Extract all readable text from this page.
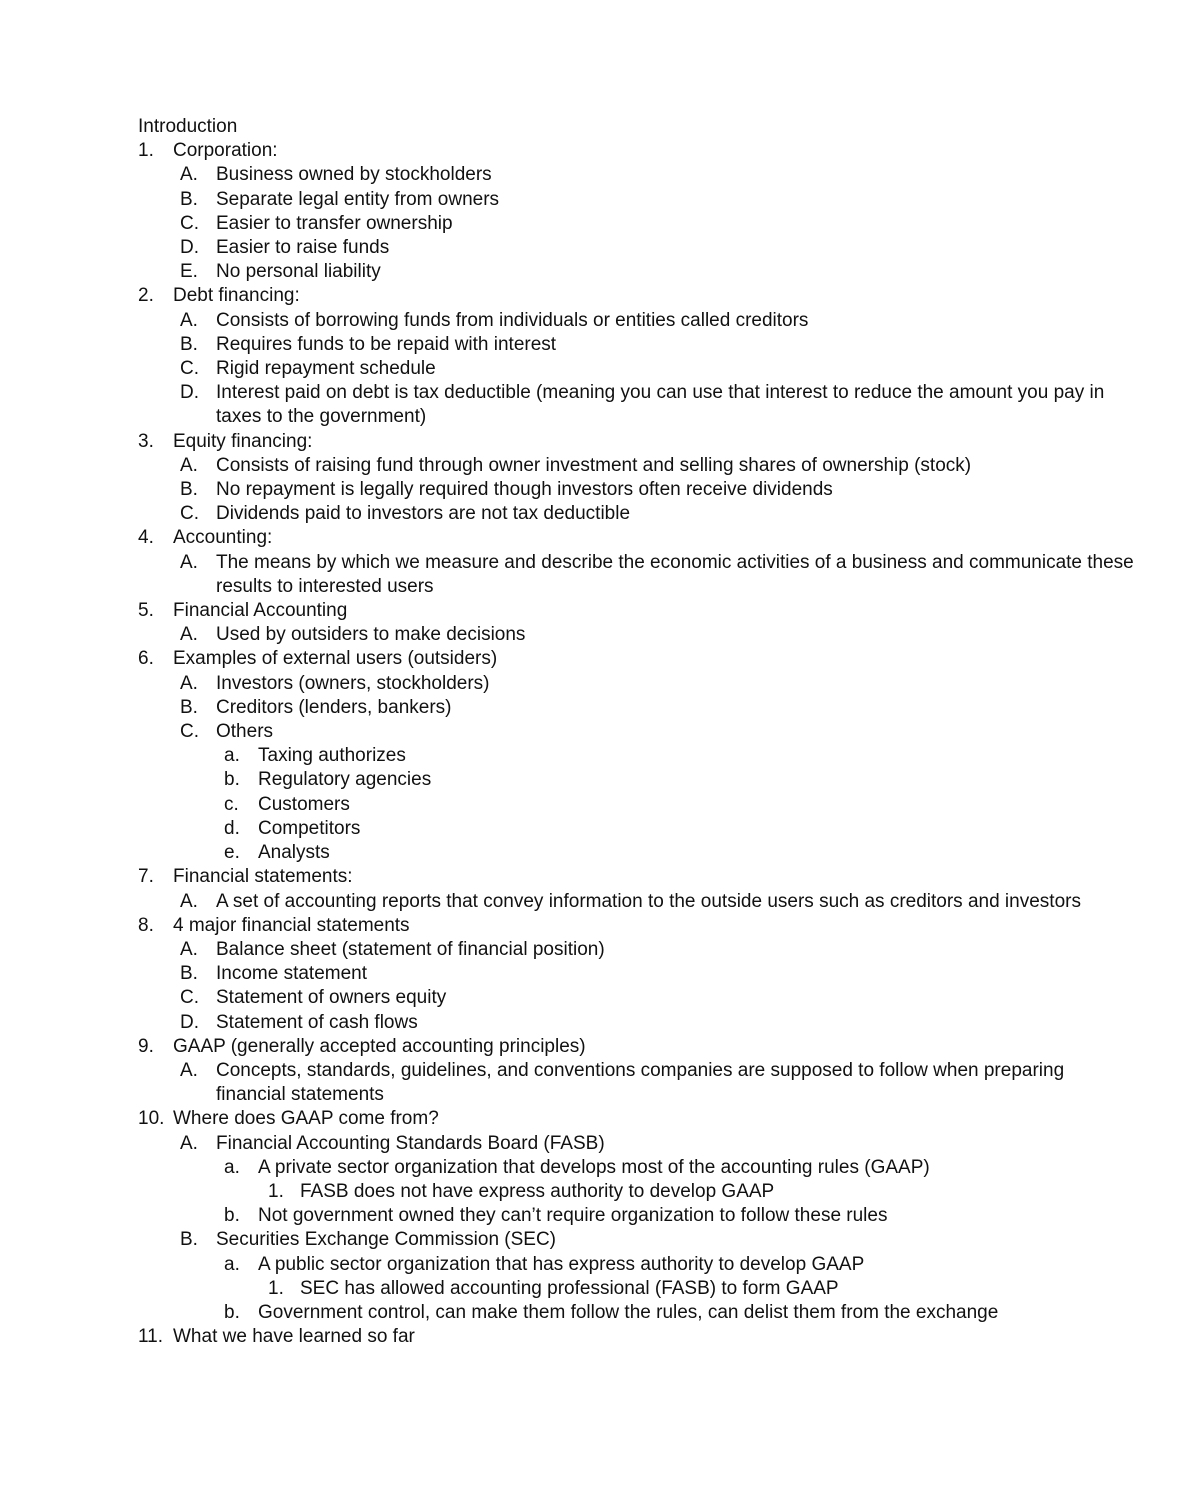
Introduction
1. Corporation:
A. Business owned by stockholders
B. Separate legal entity from owners
C. Easier to transfer ownership
D. Easier to raise funds
E. No personal liability
2. Debt financing:
A. Consists of borrowing funds from individuals or entities called creditors
B. Requires funds to be repaid with interest
C. Rigid repayment schedule
D. Interest paid on debt is tax deductible (meaning you can use that interest to reduce the amount you pay in taxes to the government)
3. Equity financing:
A. Consists of raising fund through owner investment and selling shares of ownership (stock)
B. No repayment is legally required though investors often receive dividends
C. Dividends paid to investors are not tax deductible
4. Accounting:
A. The means by which we measure and describe the economic activities of a business and communicate these results to interested users
5. Financial Accounting
A. Used by outsiders to make decisions
6. Examples of external users (outsiders)
A. Investors (owners, stockholders)
B. Creditors (lenders, bankers)
C. Others
a. Taxing authorizes
b. Regulatory agencies
c. Customers
d. Competitors
e. Analysts
7. Financial statements:
A. A set of accounting reports that convey information to the outside users such as creditors and investors
8. 4 major financial statements
A. Balance sheet (statement of financial position)
B. Income statement
C. Statement of owners equity
D. Statement of cash flows
9. GAAP (generally accepted accounting principles)
A. Concepts, standards, guidelines, and conventions companies are supposed to follow when preparing financial statements
10. Where does GAAP come from?
A. Financial Accounting Standards Board (FASB)
a. A private sector organization that develops most of the accounting rules (GAAP)
1. FASB does not have express authority to develop GAAP
b. Not government owned they can’t require organization to follow these rules
B. Securities Exchange Commission (SEC)
a. A public sector organization that has express authority to develop GAAP
1. SEC has allowed accounting professional (FASB) to form GAAP
b. Government control, can make them follow the rules, can delist them from the exchange
11. What we have learned so far
